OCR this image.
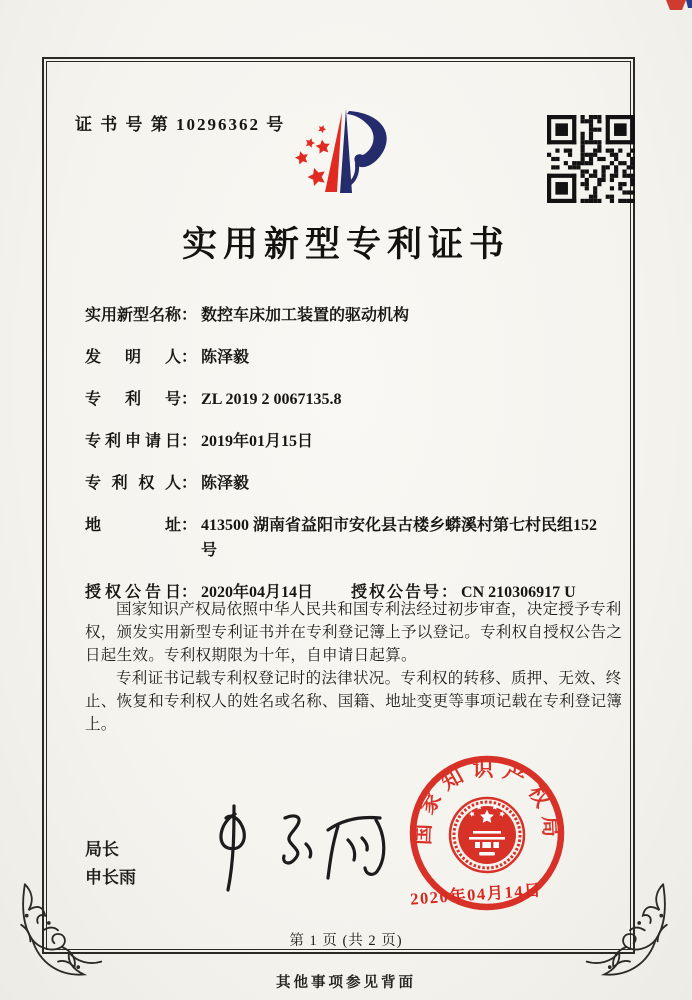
证 书 号 第 10296362 号
实用新型专利证书
实用新型名称 ： 数控车床加工装置的驱动机构
发明人 ： 陈泽毅
专利号 ： ZL 2019 2 0067135.8
专利申请日 ： 2019年01月15日
专利权人 ： 陈泽毅
地址 ： 413500 湖南省益阳市安化县古楼乡蟒溪村第七村民组152号
授权公告日 ： 2020年04月14日	授权公告号 ： CN 210306917 U

国家知识产权局依照中华人民共和国专利法经过初步审查，决定授予专利权，颁发实用新型专利证书并在专利登记簿上予以登记。专利权自授权公告之日起生效。专利权期限为十年，自申请日起算。

专利证书记载专利权登记时的法律状况。专利权的转移、质押、无效、终止、恢复和专利权人的姓名或名称、国籍、地址变更等事项记载在专利登记簿上。

局长
申长雨
国家知识产权局
2020年04月14日
第 1 页 (共 2 页)
其他事项参见背面
